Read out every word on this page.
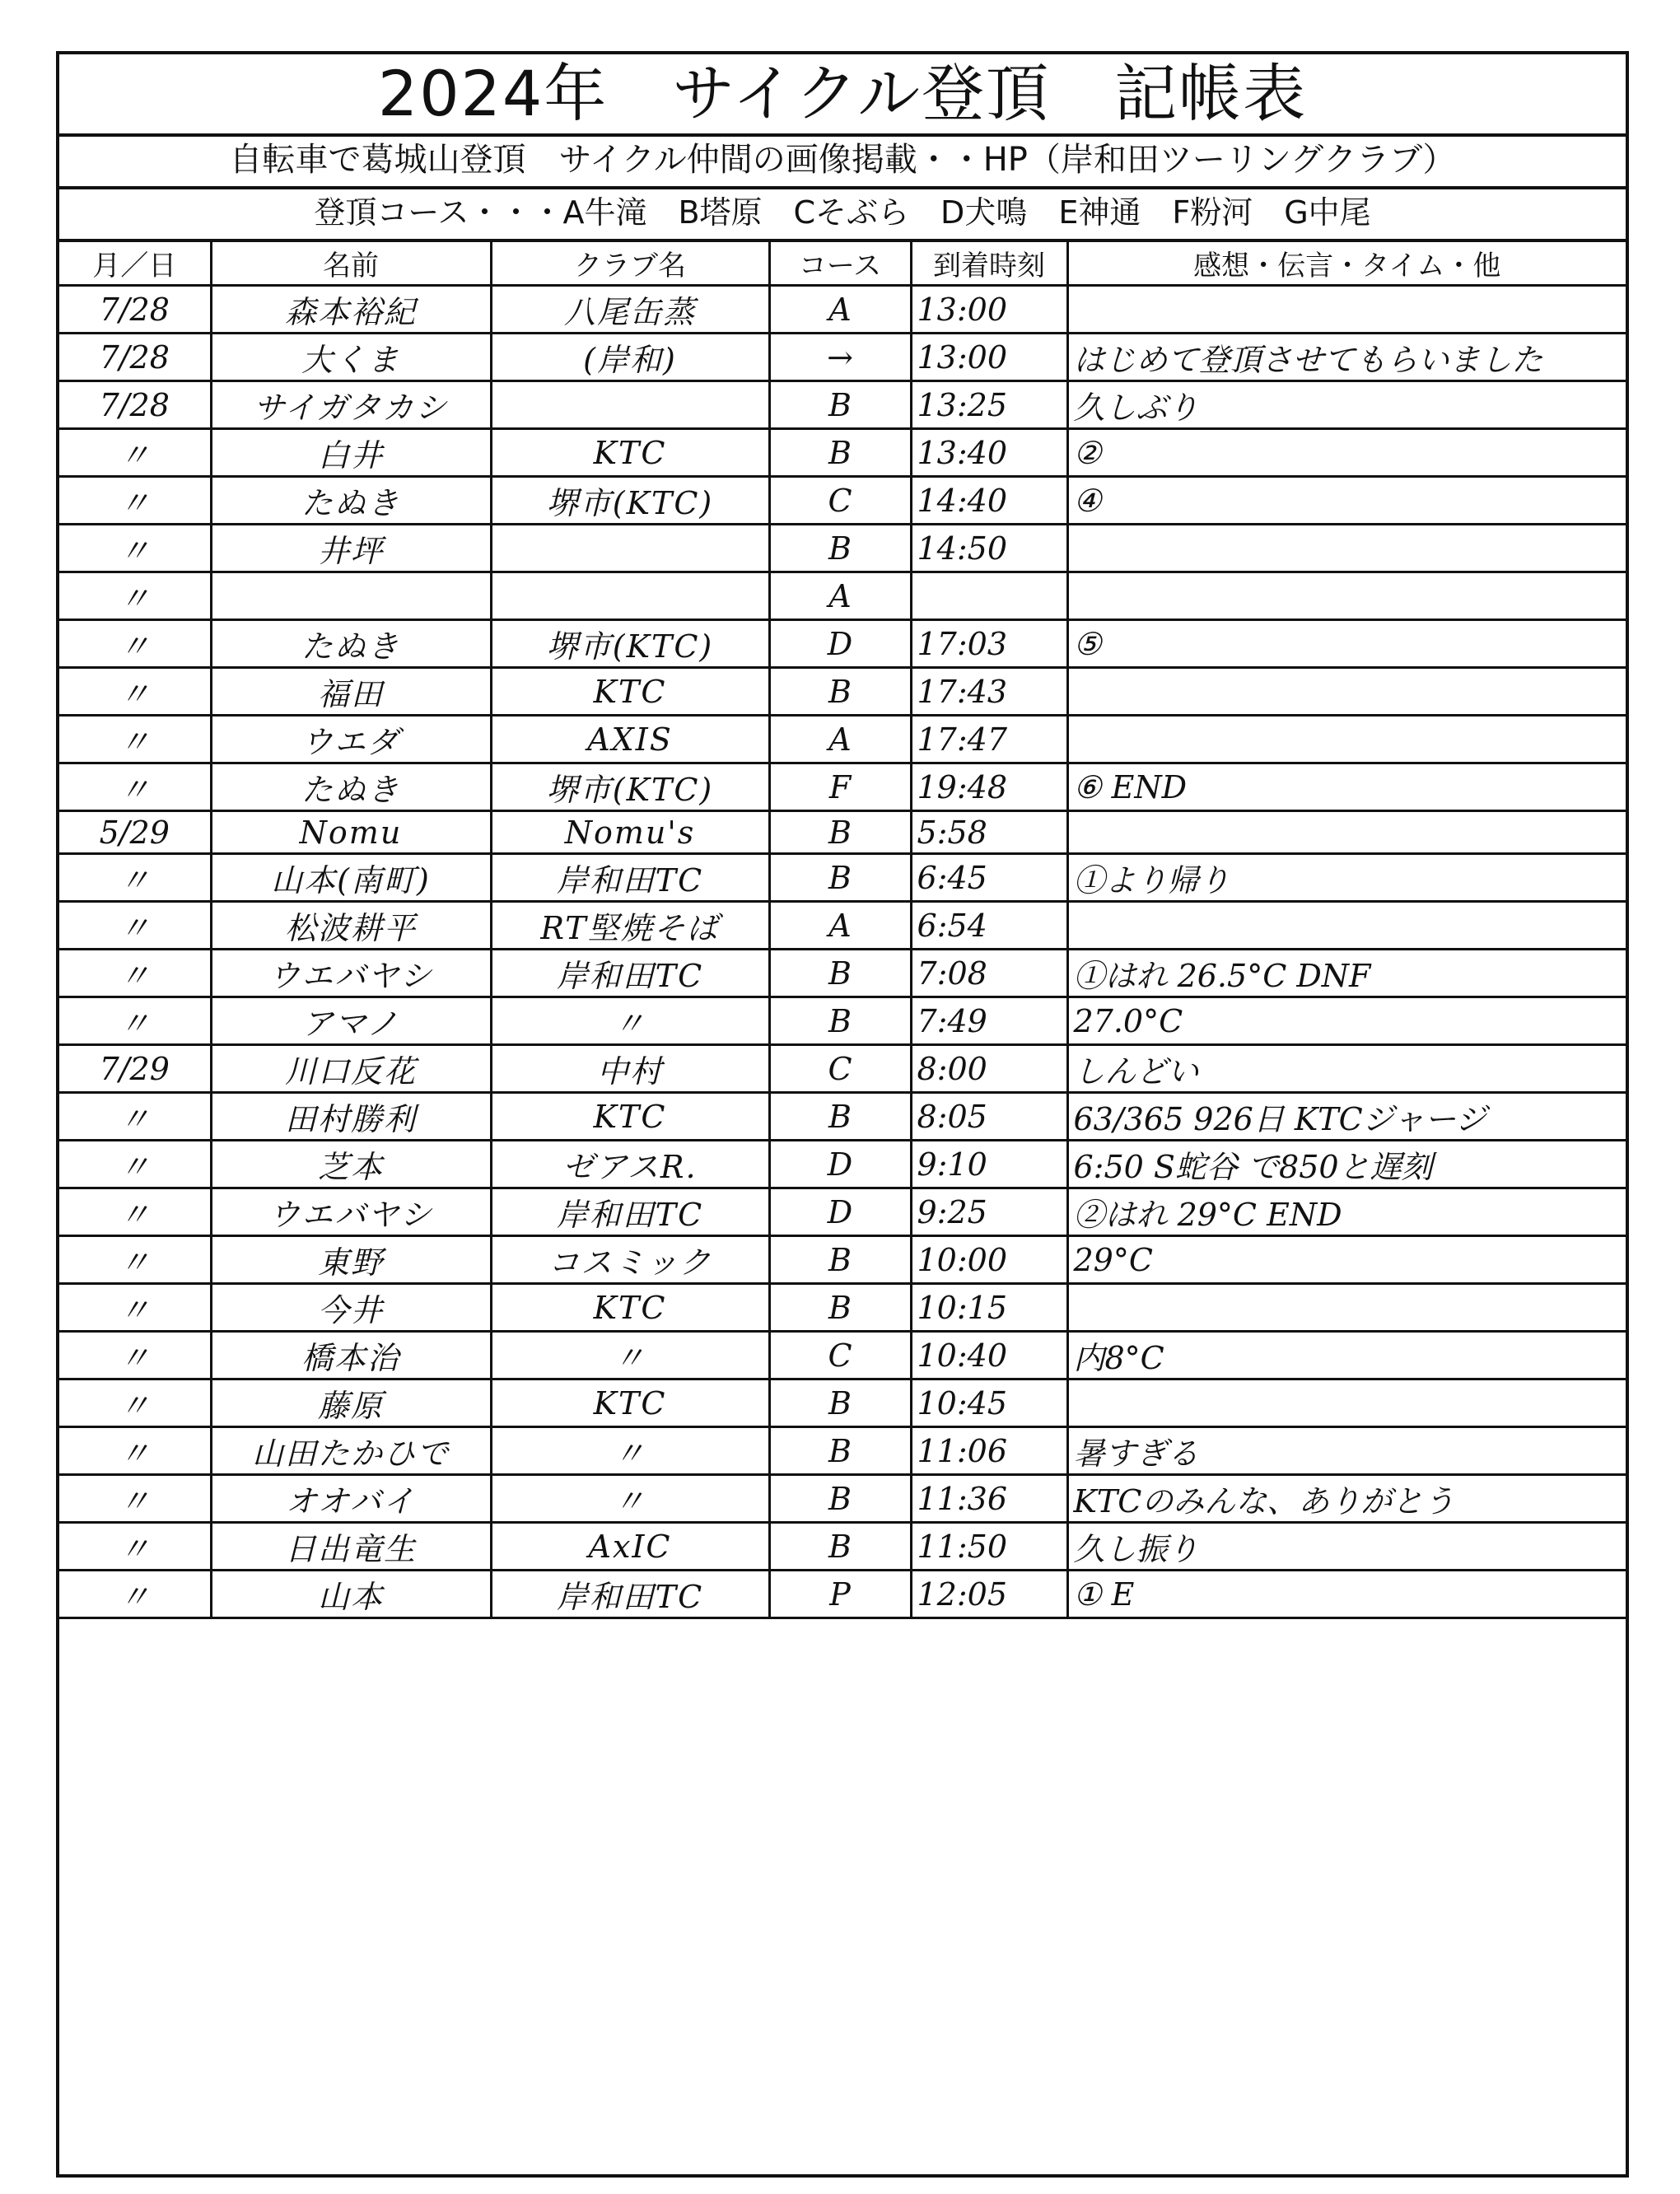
2024年　サイクル登頂　記帳表
自転車で葛城山登頂　サイクル仲間の画像掲載・・HP（岸和田ツーリングクラブ）
登頂コース・・・A牛滝　B塔原　Cそぶら　D犬鳴　E神通　F粉河　G中尾
月／日	名前	クラブ名	コース	到着時刻	感想・伝言・タイム・他
7/28	森本裕紀	八尾缶蒸	A	13:00	
7/28	大くま	(岸和)	→	13:00	はじめて登頂させてもらいました
7/28	サイガタカシ		B	13:25	久しぶり
〃	白井	KTC	B	13:40	②
〃	たぬき	堺市(KTC)	C	14:40	④
〃	井坪		B	14:50	
〃			A		
〃	たぬき	堺市(KTC)	D	17:03	⑤
〃	福田	KTC	B	17:43	
〃	ウエダ	AXIS	A	17:47	
〃	たぬき	堺市(KTC)	F	19:48	⑥ END
5/29	Nomu	Nomu's	B	5:58	
〃	山本(南町)	岸和田TC	B	6:45	①より帰り
〃	松波耕平	RT堅焼そば	A	6:54	
〃	ウエバヤシ	岸和田TC	B	7:08	①はれ 26.5°C DNF
〃	アマノ	〃	B	7:49	27.0°C
7/29	川口反花	中村	C	8:00	しんどい
〃	田村勝利	KTC	B	8:05	63/365 926日 KTCジャージ
〃	芝本	ゼアスR.	D	9:10	6:50 S蛇谷 で850と遅刻
〃	ウエバヤシ	岸和田TC	D	9:25	②はれ 29°C END
〃	東野	コスミック	B	10:00	29°C
〃	今井	KTC	B	10:15	
〃	橋本治	〃	C	10:40	内8°C
〃	藤原	KTC	B	10:45	
〃	山田たかひで	〃	B	11:06	暑すぎる
〃	オオバイ	〃	B	11:36	KTCのみんな、ありがとう
〃	日出竜生	AxIC	B	11:50	久し振り
〃	山本	岸和田TC	P	12:05	① E
